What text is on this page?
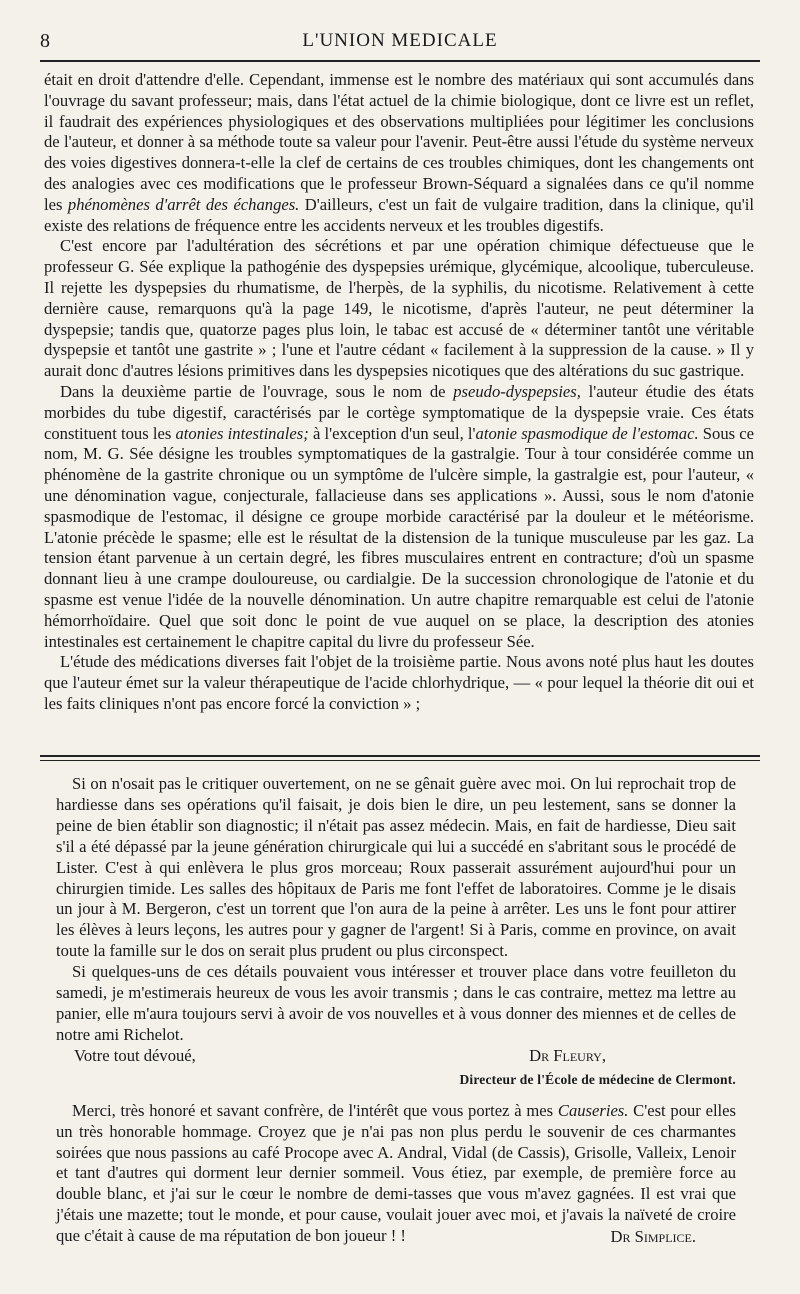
8	L'UNION MEDICALE

était en droit d'attendre d'elle. Cependant, immense est le nombre des matériaux qui sont accumulés dans l'ouvrage du savant professeur; mais, dans l'état actuel de la chimie biologique, dont ce livre est un reflet, il faudrait des expériences physiologiques et des observations multipliées pour légitimer les conclusions de l'auteur, et donner à sa méthode toute sa valeur pour l'avenir. Peut-être aussi l'étude du système nerveux des voies digestives donnera-t-elle la clef de certains de ces troubles chimiques, dont les changements ont des analogies avec ces modifications que le professeur Brown-Séquard a signalées dans ce qu'il nomme les phénomènes d'arrêt des échanges. D'ailleurs, c'est un fait de vulgaire tradition, dans la clinique, qu'il existe des relations de fréquence entre les accidents nerveux et les troubles digestifs.

C'est encore par l'adultération des sécrétions et par une opération chimique défectueuse que le professeur G. Sée explique la pathogénie des dyspepsies urémique, glycémique, alcoolique, tuberculeuse. Il rejette les dyspepsies du rhumatisme, de l'herpès, de la syphilis, du nicotisme. Relativement à cette dernière cause, remarquons qu'à la page 149, le nicotisme, d'après l'auteur, ne peut déterminer la dyspepsie; tandis que, quatorze pages plus loin, le tabac est accusé de « déterminer tantôt une véritable dyspepsie et tantôt une gastrite » ; l'une et l'autre cédant « facilement à la suppression de la cause. » Il y aurait donc d'autres lésions primitives dans les dyspepsies nicotiques que des altérations du suc gastrique.

Dans la deuxième partie de l'ouvrage, sous le nom de pseudo-dyspepsies, l'auteur étudie des états morbides du tube digestif, caractérisés par le cortège symptomatique de la dyspepsie vraie. Ces états constituent tous les atonies intestinales; à l'exception d'un seul, l'atonie spasmodique de l'estomac. Sous ce nom, M. G. Sée désigne les troubles symptomatiques de la gastralgie. Tour à tour considérée comme un phénomène de la gastrite chronique ou un symptôme de l'ulcère simple, la gastralgie est, pour l'auteur, « une dénomination vague, conjecturale, fallacieuse dans ses applications ». Aussi, sous le nom d'atonie spasmodique de l'estomac, il désigne ce groupe morbide caractérisé par la douleur et le météorisme. L'atonie précède le spasme; elle est le résultat de la distension de la tunique musculeuse par les gaz. La tension étant parvenue à un certain degré, les fibres musculaires entrent en contracture; d'où un spasme donnant lieu à une crampe douloureuse, ou cardialgie. De la succession chronologique de l'atonie et du spasme est venue l'idée de la nouvelle dénomination. Un autre chapitre remarquable est celui de l'atonie hémorrhoïdaire. Quel que soit donc le point de vue auquel on se place, la description des atonies intestinales est certainement le chapitre capital du livre du professeur Sée.

L'étude des médications diverses fait l'objet de la troisième partie. Nous avons noté plus haut les doutes que l'auteur émet sur la valeur thérapeutique de l'acide chlorhydrique, — « pour lequel la théorie dit oui et les faits cliniques n'ont pas encore forcé la conviction » ;

Si on n'osait pas le critiquer ouvertement, on ne se gênait guère avec moi. On lui reprochait trop de hardiesse dans ses opérations qu'il faisait, je dois bien le dire, un peu lestement, sans se donner la peine de bien établir son diagnostic; il n'était pas assez médecin. Mais, en fait de hardiesse, Dieu sait s'il a été dépassé par la jeune génération chirurgicale qui lui a succédé en s'abritant sous le procédé de Lister. C'est à qui enlèvera le plus gros morceau; Roux passerait assurément aujourd'hui pour un chirurgien timide. Les salles des hôpitaux de Paris me font l'effet de laboratoires. Comme je le disais un jour à M. Bergeron, c'est un torrent que l'on aura de la peine à arrêter. Les uns le font pour attirer les élèves à leurs leçons, les autres pour y gagner de l'argent! Si à Paris, comme en province, on avait toute la famille sur le dos on serait plus prudent ou plus circonspect.

Si quelques-uns de ces détails pouvaient vous intéresser et trouver place dans votre feuilleton du samedi, je m'estimerais heureux de vous les avoir transmis ; dans le cas contraire, mettez ma lettre au panier, elle m'aura toujours servi à avoir de vos nouvelles et à vous donner des miennes et de celles de notre ami Richelot.

Votre tout dévoué,	Dr Fleury,
Directeur de l'École de médecine de Clermont.

Merci, très honoré et savant confrère, de l'intérêt que vous portez à mes Causeries. C'est pour elles un très honorable hommage. Croyez que je n'ai pas non plus perdu le souvenir de ces charmantes soirées que nous passions au café Procope avec A. Andral, Vidal (de Cassis), Grisolle, Valleix, Lenoir et tant d'autres qui dorment leur dernier sommeil. Vous étiez, par exemple, de première force au double blanc, et j'ai sur le cœur le nombre de demi-tasses que vous m'avez gagnées. Il est vrai que j'étais une mazette; tout le monde, et pour cause, voulait jouer avec moi, et j'avais la naïveté de croire que c'était à cause de ma réputation de bon joueur ! !	Dr Simplice.
